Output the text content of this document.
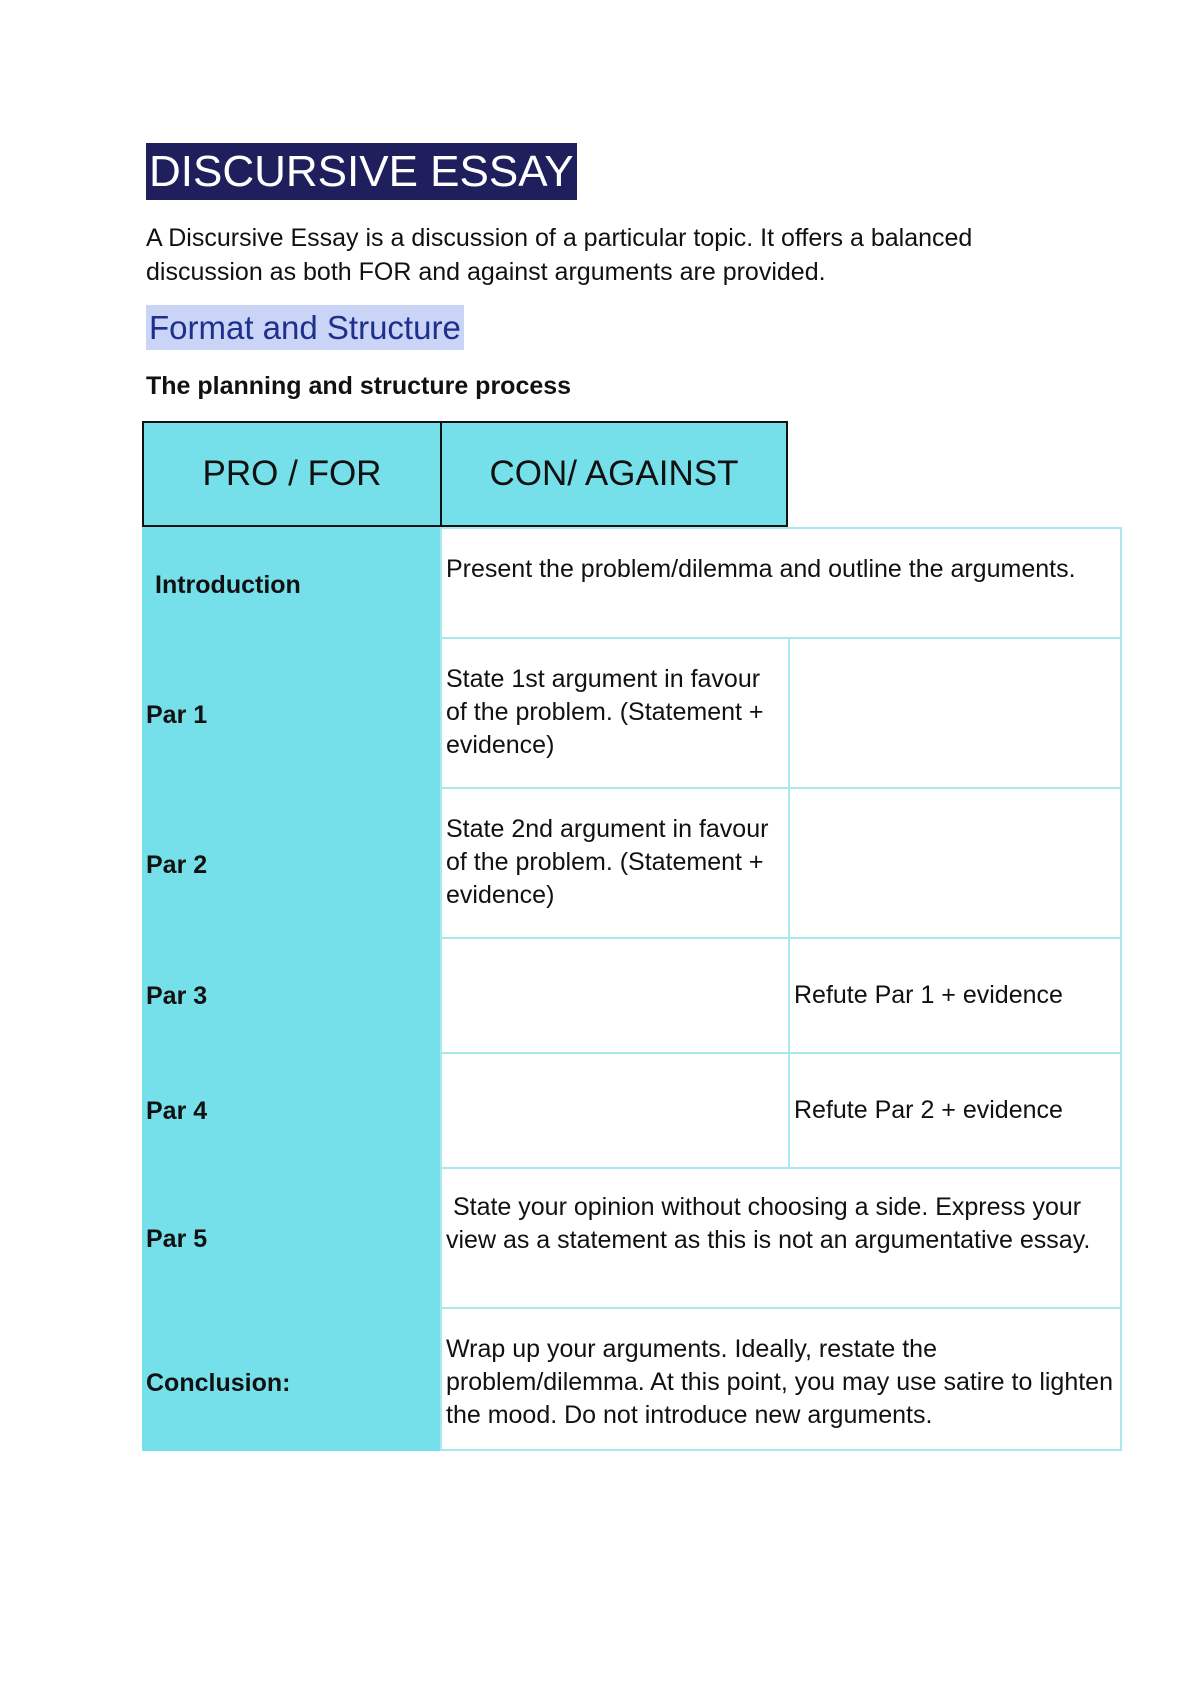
DISCURSIVE ESSAY

A Discursive Essay is a discussion of a particular topic. It offers a balanced discussion as both FOR and against arguments are provided.

Format and Structure
The planning and structure process
PRO / FOR	CON/ AGAINST
Introduction
Par 1
Par 2
Par 3
Par 4
Par 5
Conclusion:
Present the problem/dilemma and outline the arguments.
State 1st argument in favour of the problem. (Statement + evidence)
State 2nd argument in favour of the problem. (Statement + evidence)
Refute Par 1 + evidence
Refute Par 2 + evidence
State your opinion without choosing a side. Express your view as a statement as this is not an argumentative essay.
Wrap up your arguments. Ideally, restate the problem/dilemma. At this point, you may use satire to lighten the mood. Do not introduce new arguments.
